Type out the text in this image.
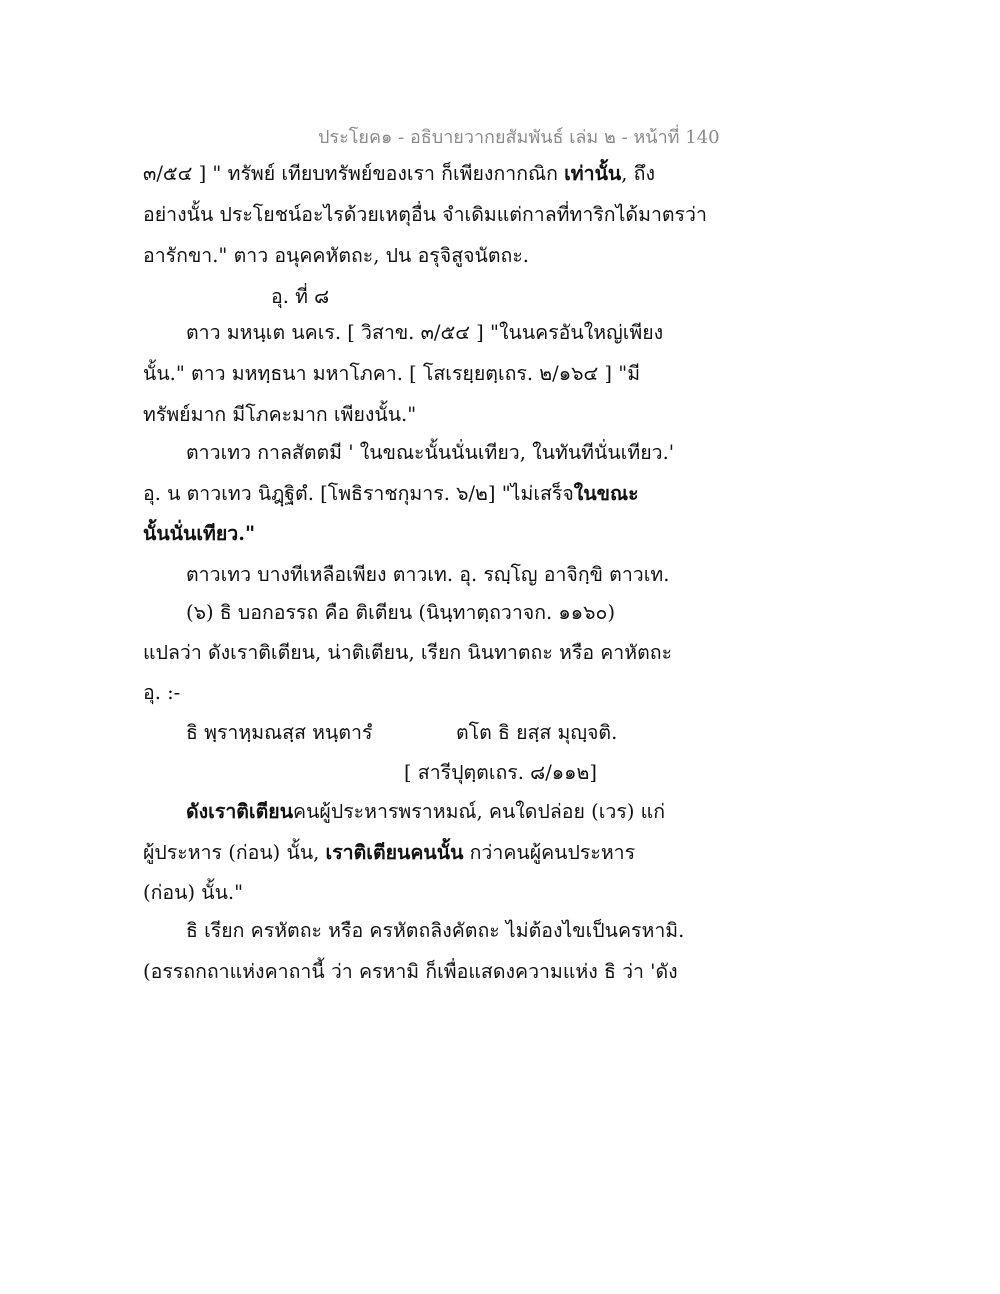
ประโยค๑ - อธิบายวากยสัมพันธ์ เล่ม ๒ - หน้าที่ 140
๓/๕๔ ] " ทรัพย์ เทียบทรัพย์ของเรา ก็เพียงกากณิก เท่านั้น, ถึง
อย่างนั้น ประโยชน์อะไรด้วยเหตุอื่น จำเดิมแต่กาลที่ทาริกได้มาตรว่า
อารักขา." ตาว อนุคคหัตถะ, ปน อรุจิสูจนัตถะ.
อุ. ที่ ๘
ตาว มหนฺเต นคเร. [ วิสาข. ๓/๕๔ ] "ในนครอันใหญ่เพียง
นั้น." ตาว มหทฺธนา มหาโภคา. [ โสเรยฺยตฺเถร. ๒/๑๖๔ ] "มี
ทรัพย์มาก มีโภคะมาก เพียงนั้น."
ตาวเทว กาลสัตตมี ' ในขณะนั้นนั่นเทียว, ในทันทีนั่นเทียว.'
อุ. น ตาวเทว นิฎฺฐิตํ. [โพธิราชกุมาร. ๖/๒] "ไม่เสร็จในขณะ
นั้นนั่นเทียว."
ตาวเทว บางทีเหลือเพียง ตาวเท. อุ. รญฺโญ อาจิกฺขิ ตาวเท.
(๖) ธิ บอกอรรถ คือ ติเตียน (นินฺทาตฺถวาจก. ๑๑๖๐)
แปลว่า ดังเราติเตียน, น่าติเตียน, เรียก นินทาตถะ หรือ คาหัตถะ
อุ. :-
ธิ พฺราหฺมณสฺส หนฺตารํ	ตโต ธิ ยสฺส มุญฺจติ.
[ สารีปุตฺตเถร. ๘/๑๑๒]
ดังเราติเตียนคนผู้ประหารพราหมณ์, คนใดปล่อย (เวร) แก่
ผู้ประหาร (ก่อน) นั้น, เราติเตียนคนนั้น กว่าคนผู้คนประหาร
(ก่อน) นั้น."
ธิ เรียก ครหัตถะ หรือ ครหัตถลิงคัตถะ ไม่ต้องไขเป็นครหามิ.
(อรรถกถาแห่งคาถานี้ ว่า ครหามิ ก็เพื่อแสดงความแห่ง ธิ ว่า 'ดัง
